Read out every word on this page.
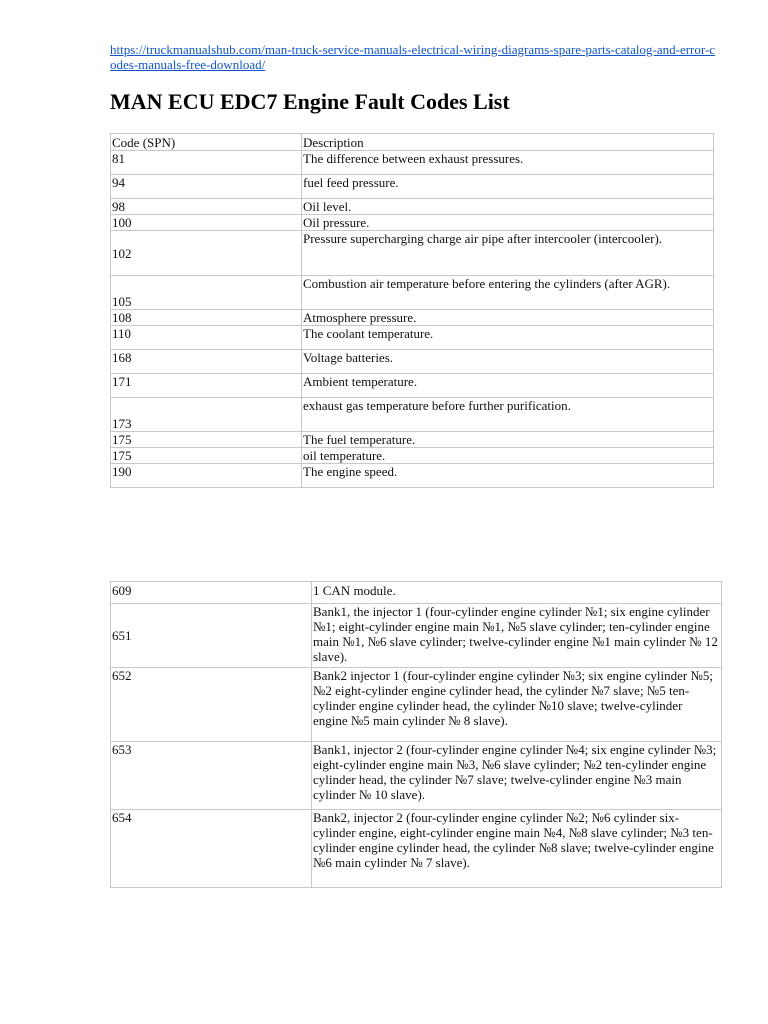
https://truckmanualshub.com/man-truck-service-manuals-electrical-wiring-diagrams-spare-parts-catalog-and-error-codes-manuals-free-download/
MAN ECU EDC7 Engine Fault Codes List
Code (SPN)	Description
81	The difference between exhaust pressures.
94	fuel feed pressure.
98	Oil level.
100	Oil pressure.
102	Pressure supercharging charge air pipe after intercooler (intercooler).
105	Combustion air temperature before entering the cylinders (after AGR).
108	Atmosphere pressure.
110	The coolant temperature.
168	Voltage batteries.
171	Ambient temperature.
173	exhaust gas temperature before further purification.
175	The fuel temperature.
175	oil temperature.
190	The engine speed.
609	1 CAN module.
651	Bank1, the injector 1 (four-cylinder engine cylinder №1; six engine cylinder №1; eight-cylinder engine main №1, №5 slave cylinder; ten-cylinder engine main №1, №6 slave cylinder; twelve-cylinder engine №1 main cylinder № 12 slave).
652	Bank2 injector 1 (four-cylinder engine cylinder №3; six engine cylinder №5; №2 eight-cylinder engine cylinder head, the cylinder №7 slave; №5 ten-cylinder engine cylinder head, the cylinder №10 slave; twelve-cylinder engine №5 main cylinder № 8 slave).
653	Bank1, injector 2 (four-cylinder engine cylinder №4; six engine cylinder №3; eight-cylinder engine main №3, №6 slave cylinder; №2 ten-cylinder engine cylinder head, the cylinder №7 slave; twelve-cylinder engine №3 main cylinder № 10 slave).
654	Bank2, injector 2 (four-cylinder engine cylinder №2; №6 cylinder six-cylinder engine, eight-cylinder engine main №4, №8 slave cylinder; №3 ten-cylinder engine cylinder head, the cylinder №8 slave; twelve-cylinder engine №6 main cylinder № 7 slave).
